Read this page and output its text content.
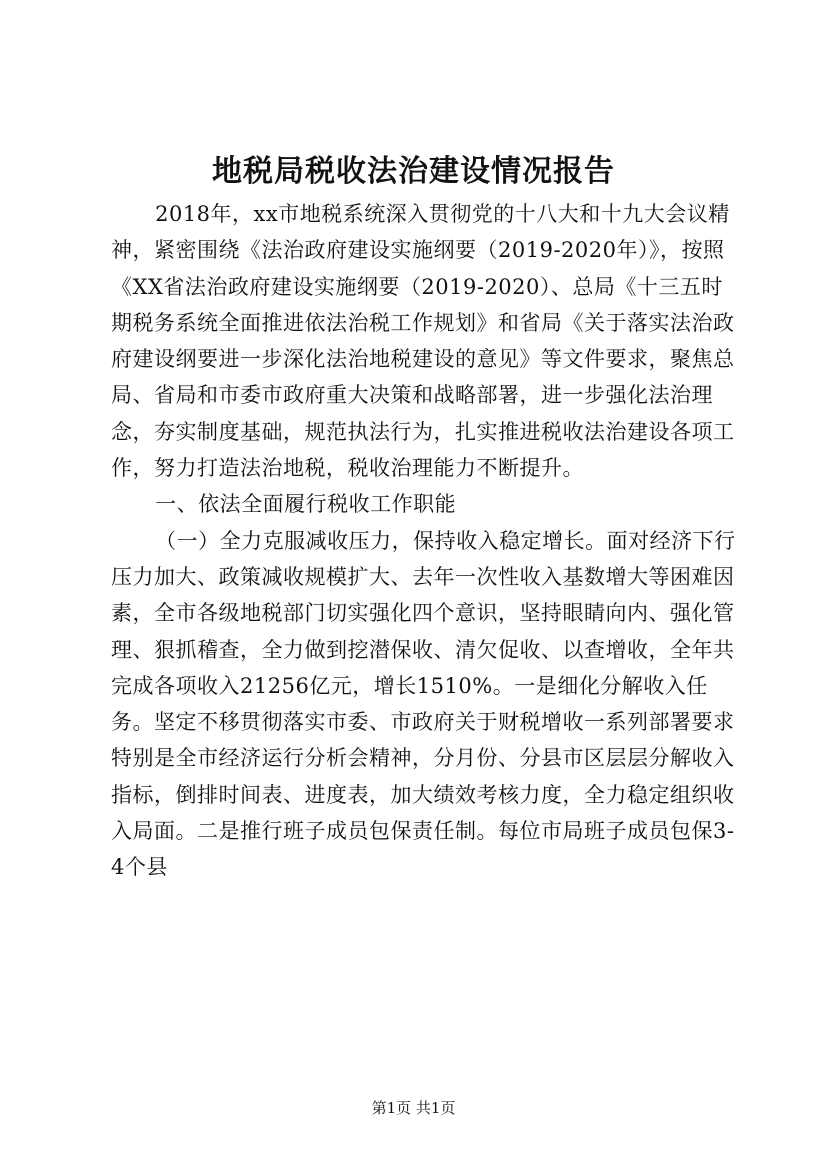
地税局税收法治建设情况报告

2018年，xx市地税系统深入贯彻党的十八大和十九大会议精神，紧密围绕《法治政府建设实施纲要（2019-2020年）》，按照《XX省法治政府建设实施纲要（2019-2020）、总局《十三五时期税务系统全面推进依法治税工作规划》和省局《关于落实法治政府建设纲要进一步深化法治地税建设的意见》等文件要求，聚焦总局、省局和市委市政府重大决策和战略部署，进一步强化法治理念，夯实制度基础，规范执法行为，扎实推进税收法治建设各项工作，努力打造法治地税，税收治理能力不断提升。

一、依法全面履行税收工作职能

（一）全力克服减收压力，保持收入稳定增长。面对经济下行压力加大、政策减收规模扩大、去年一次性收入基数增大等困难因素，全市各级地税部门切实强化四个意识，坚持眼睛向内、强化管理、狠抓稽查，全力做到挖潜保收、清欠促收、以查增收，全年共完成各项收入21256亿元，增长1510%。一是细化分解收入任务。坚定不移贯彻落实市委、市政府关于财税增收一系列部署要求特别是全市经济运行分析会精神，分月份、分县市区层层分解收入指标，倒排时间表、进度表，加大绩效考核力度，全力稳定组织收入局面。二是推行班子成员包保责任制。每位市局班子成员包保3-4个县

第1页 共1页
